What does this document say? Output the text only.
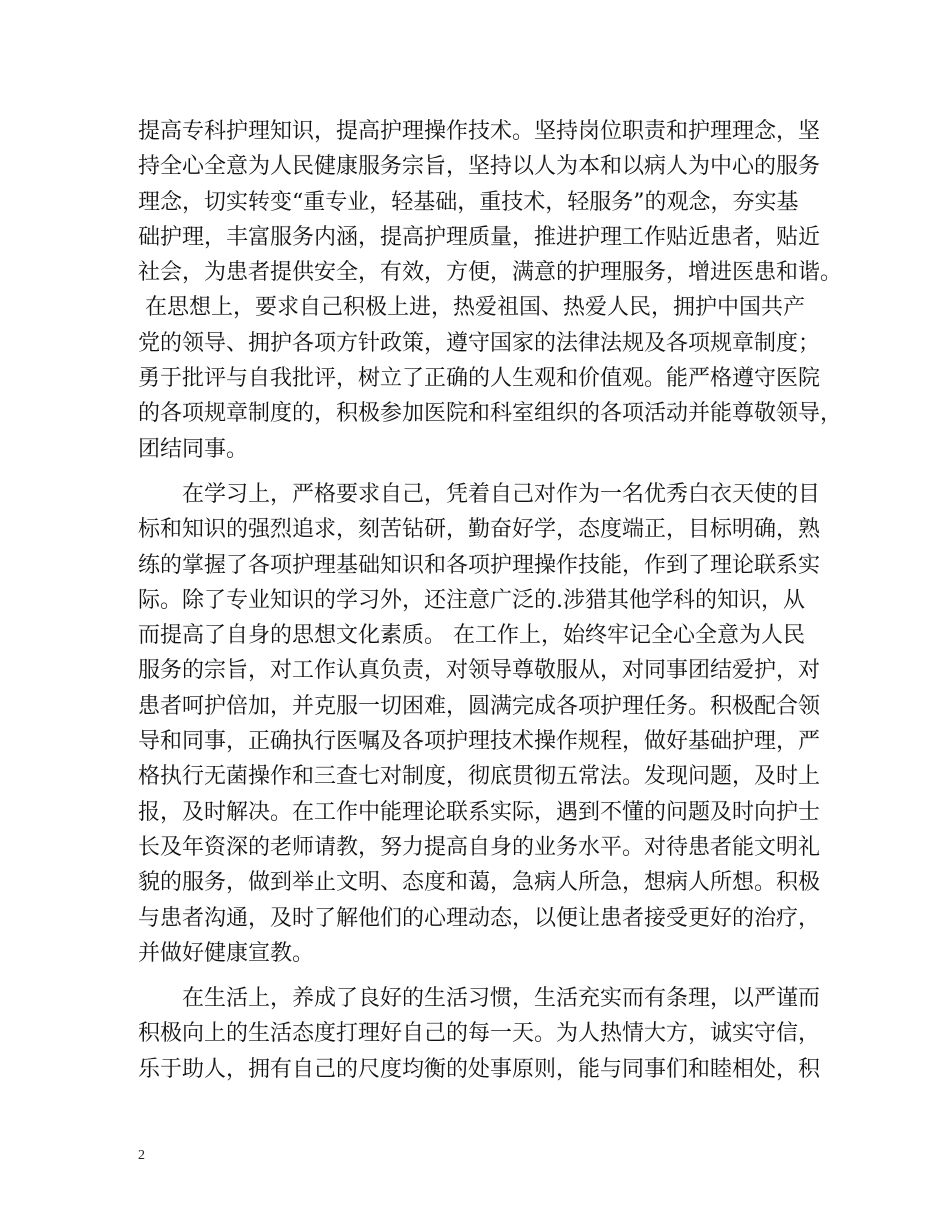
提高专科护理知识，提高护理操作技术。坚持岗位职责和护理理念，坚
持全心全意为人民健康服务宗旨，坚持以人为本和以病人为中心的服务
理念，切实转变“重专业，轻基础，重技术，轻服务”的观念，夯实基
础护理，丰富服务内涵，提高护理质量，推进护理工作贴近患者，贴近
社会，为患者提供安全，有效，方便，满意的护理服务，增进医患和谐。
在思想上，要求自己积极上进，热爱祖国、热爱人民，拥护中国共产
党的领导、拥护各项方针政策，遵守国家的法律法规及各项规章制度；
勇于批评与自我批评，树立了正确的人生观和价值观。能严格遵守医院
的各项规章制度的，积极参加医院和科室组织的各项活动并能尊敬领导，
团结同事。
在学习上，严格要求自己，凭着自己对作为一名优秀白衣天使的目
标和知识的强烈追求，刻苦钻研，勤奋好学，态度端正，目标明确，熟
练的掌握了各项护理基础知识和各项护理操作技能，作到了理论联系实
际。除了专业知识的学习外，还注意广泛的.涉猎其他学科的知识，从
而提高了自身的思想文化素质。 在工作上，始终牢记全心全意为人民
服务的宗旨，对工作认真负责，对领导尊敬服从，对同事团结爱护，对
患者呵护倍加，并克服一切困难，圆满完成各项护理任务。积极配合领
导和同事，正确执行医嘱及各项护理技术操作规程，做好基础护理，严
格执行无菌操作和三查七对制度，彻底贯彻五常法。发现问题，及时上
报，及时解决。在工作中能理论联系实际，遇到不懂的问题及时向护士
长及年资深的老师请教，努力提高自身的业务水平。对待患者能文明礼
貌的服务，做到举止文明、态度和蔼，急病人所急，想病人所想。积极
与患者沟通，及时了解他们的心理动态，以便让患者接受更好的治疗，
并做好健康宣教。
在生活上，养成了良好的生活习惯，生活充实而有条理，以严谨而
积极向上的生活态度打理好自己的每一天。为人热情大方，诚实守信，
乐于助人，拥有自己的尺度均衡的处事原则，能与同事们和睦相处，积
2
